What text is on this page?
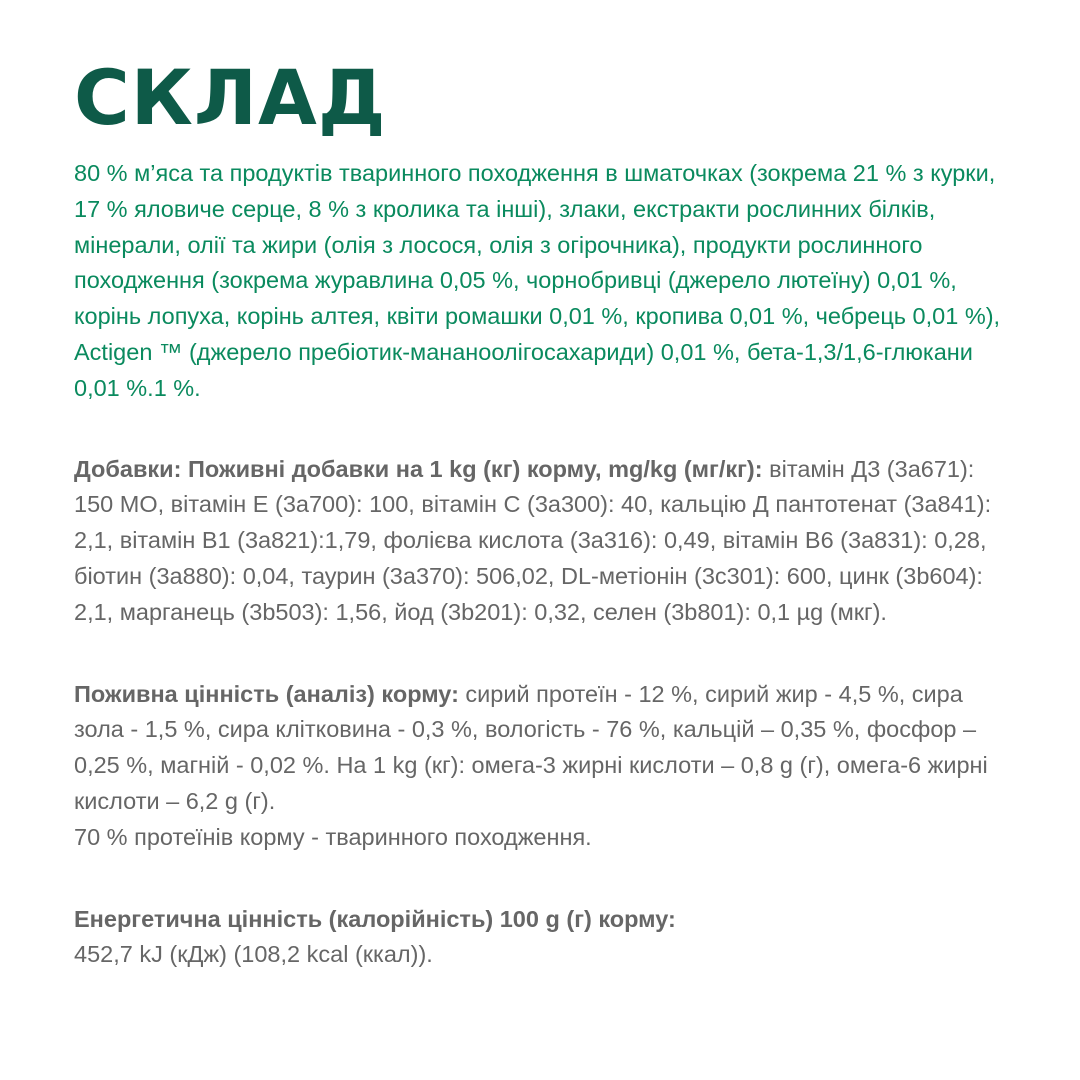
СКЛАД

80 % м’яса та продуктів тваринного походження в шматочках (зокрема 21 % з курки, 17 % яловиче серце, 8 % з кролика та інші), злаки, екстракти рослинних білків, мінерали, олії та жири (олія з лосося, олія з огірочника), продукти рослинного походження (зокрема журавлина 0,05 %, чорнобривці (джерело лютеїну) 0,01 %, корінь лопуха, корінь алтея, квіти ромашки 0,01 %, кропива 0,01 %, чебрець 0,01 %), Actigen ™ (джерело пребіотик-мананоолігосахариди) 0,01 %, бета-1,3/1,6-глюкани 0,01 %.1 %.

Добавки: Поживні добавки на 1 kg (кг) корму, mg/kg (мг/кг): вітамін Д3 (3а671): 150 МО, вітамін Е (3а700): 100, вітамін С (3а300): 40, кальцію Д пантотенат (3а841): 2,1, вітамін В1 (3а821):1,79, фолієва кислота (3а316): 0,49, вітамін В6 (3а831): 0,28, біотин (3а880): 0,04, таурин (3а370): 506,02, DL-метіонін (3с301): 600, цинк (3b604): 2,1, марганець (3b503): 1,56, йод (3b201): 0,32, селен (3b801): 0,1 µg (мкг).

Поживна цінність (аналіз) корму: сирий протеїн - 12 %, сирий жир - 4,5 %, сира зола - 1,5 %, сира клітковина - 0,3 %, вологість - 76 %, кальцій – 0,35 %, фосфор – 0,25 %, магній - 0,02 %. На 1 kg (кг): омега-3 жирні кислоти – 0,8 g (г), омега-6 жирні кислоти – 6,2 g (г).
70 % протеїнів корму - тваринного походження.

Енергетична цінність (калорійність) 100 g (г) корму:
452,7 kJ (кДж) (108,2 kcal (ккал)).
